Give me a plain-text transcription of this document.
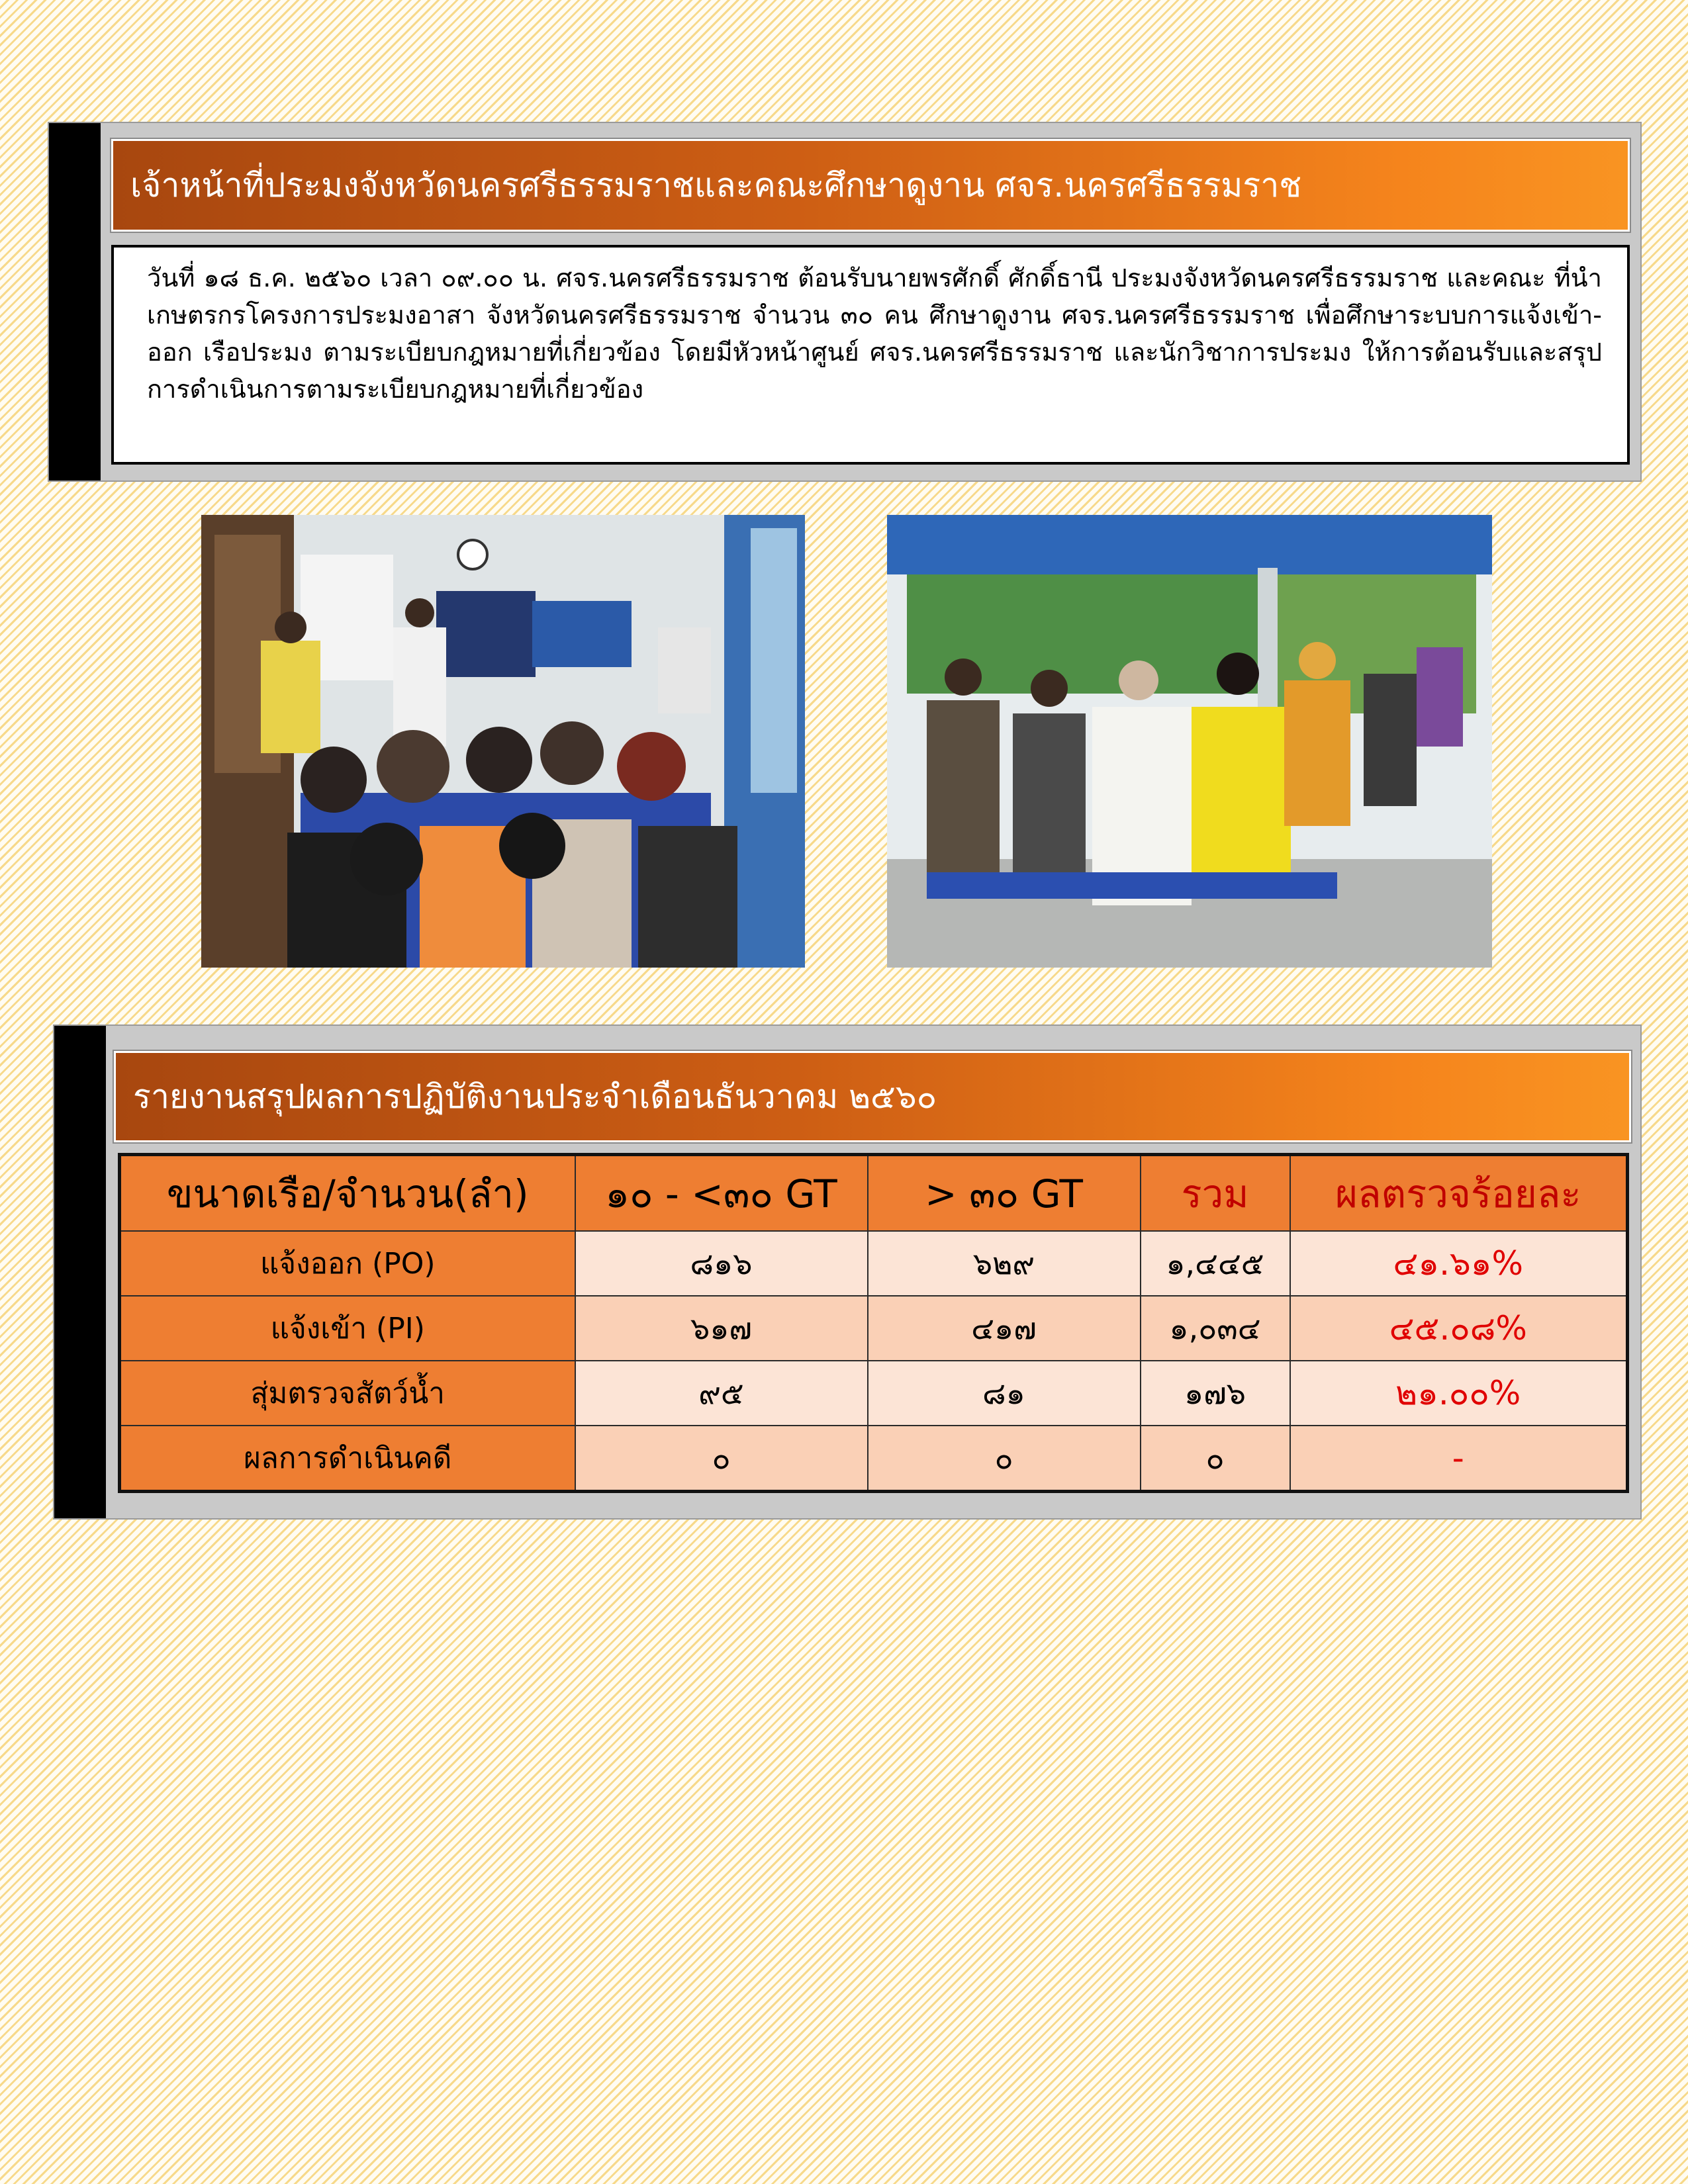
เจ้าหน้าที่ประมงจังหวัดนครศรีธรรมราชและคณะศึกษาดูงาน ศจร.นครศรีธรรมราช
วันที่ ๑๘ ธ.ค. ๒๕๖๐ เวลา ๐๙.๐๐ น. ศจร.นครศรีธรรมราช ต้อนรับนายพรศักดิ์ ศักดิ์ธานี ประมงจังหวัดนครศรีธรรมราช และคณะ ที่นำเกษตรกรโครงการประมงอาสา จังหวัดนครศรีธรรมราช จำนวน ๓๐ คน ศึกษาดูงาน ศจร.นครศรีธรรมราช เพื่อศึกษาระบบการแจ้งเข้า-ออก เรือประมง ตามระเบียบกฎหมายที่เกี่ยวข้อง โดยมีหัวหน้าศูนย์ ศจร.นครศรีธรรมราช และนักวิชาการประมง ให้การต้อนรับและสรุปการดำเนินการตามระเบียบกฎหมายที่เกี่ยวข้อง
รายงานสรุปผลการปฏิบัติงานประจำเดือนธันวาคม ๒๕๖๐
ขนาดเรือ/จำนวน(ลำ)	๑๐ - <๓๐ GT	> ๓๐ GT	รวม	ผลตรวจร้อยละ
แจ้งออก (PO)	๘๑๖	๖๒๙	๑,๔๔๕	๔๑.๖๑%
แจ้งเข้า (PI)	๖๑๗	๔๑๗	๑,๐๓๔	๔๕.๐๘%
สุ่มตรวจสัตว์น้ำ	๙๕	๘๑	๑๗๖	๒๑.๐๐%
ผลการดำเนินคดี	๐	๐	๐	-
